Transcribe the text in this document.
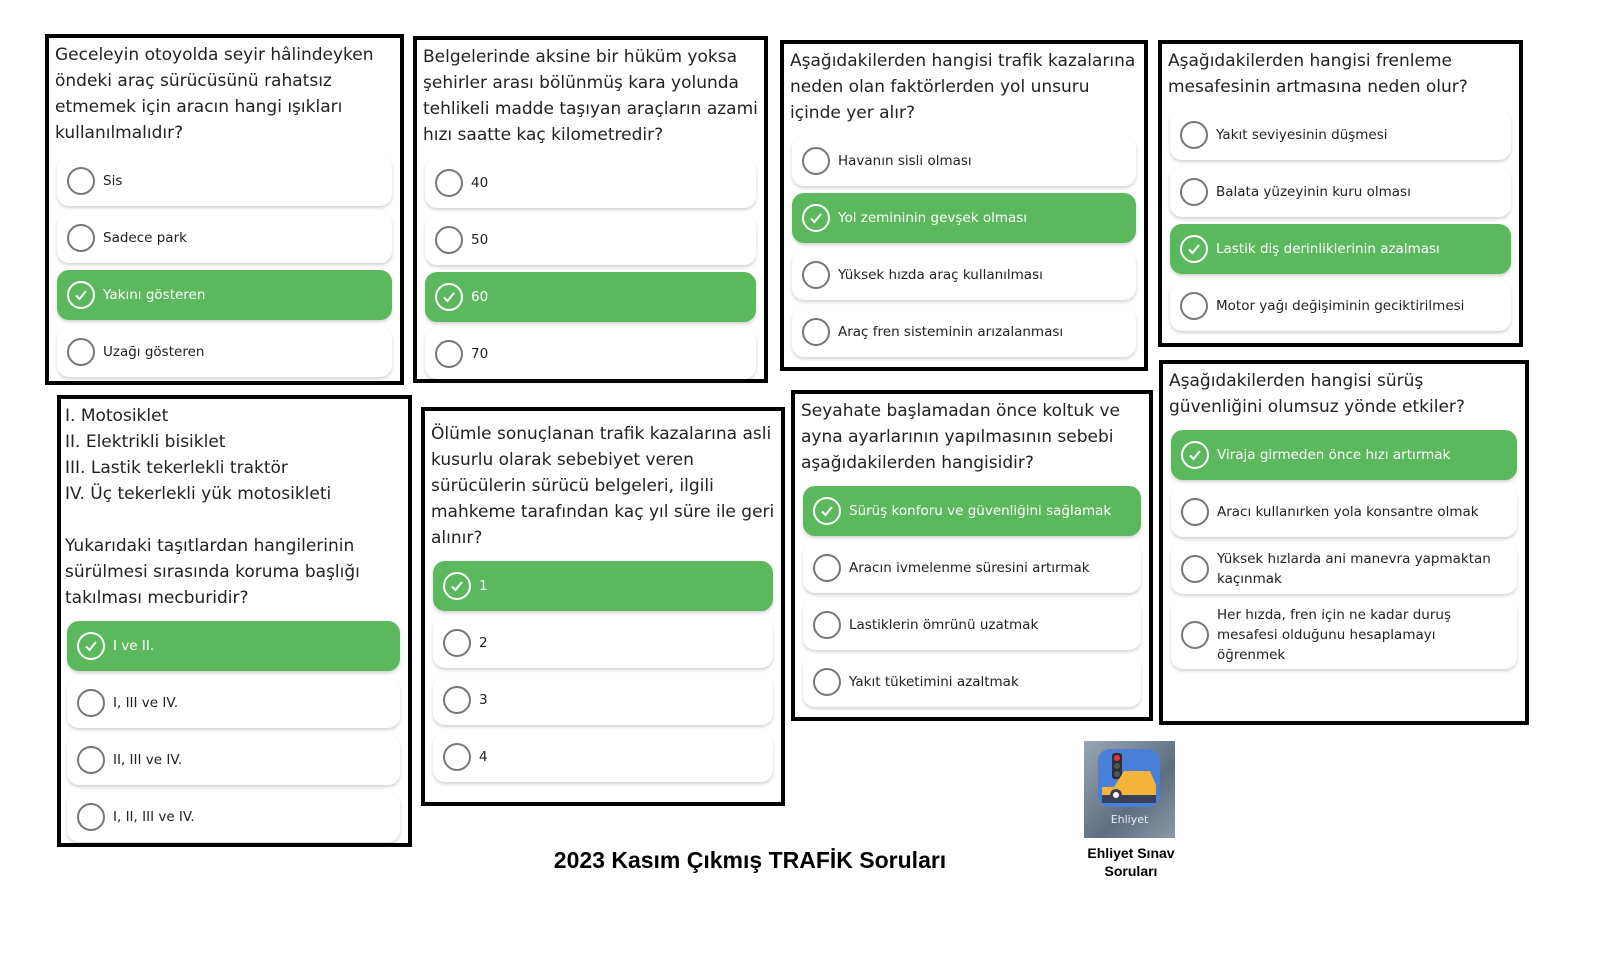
Geceleyin otoyolda seyir hâlindeyken
öndeki araç sürücüsünü rahatsız
etmemek için aracın hangi ışıkları
kullanılmalıdır?
Sis
Sadece park
Yakını gösteren
Uzağı gösteren
Belgelerinde aksine bir hüküm yoksa
şehirler arası bölünmüş kara yolunda
tehlikeli madde taşıyan araçların azami
hızı saatte kaç kilometredir?
40
50
60
70
Aşağıdakilerden hangisi trafik kazalarına
neden olan faktörlerden yol unsuru
içinde yer alır?
Havanın sisli olması
Yol zemininin gevşek olması
Yüksek hızda araç kullanılması
Araç fren sisteminin arızalanması
Aşağıdakilerden hangisi frenleme
mesafesinin artmasına neden olur?
Yakıt seviyesinin düşmesi
Balata yüzeyinin kuru olması
Lastik diş derinliklerinin azalması
Motor yağı değişiminin geciktirilmesi
I. Motosiklet
II. Elektrikli bisiklet
III. Lastik tekerlekli traktör
IV. Üç tekerlekli yük motosikleti

Yukarıdaki taşıtlardan hangilerinin
sürülmesi sırasında koruma başlığı
takılması mecburidir?
I ve II.
I, III ve IV.
II, III ve IV.
I, II, III ve IV.
Ölümle sonuçlanan trafik kazalarına asli
kusurlu olarak sebebiyet veren
sürücülerin sürücü belgeleri, ilgili
mahkeme tarafından kaç yıl süre ile geri
alınır?
1
2
3
4
Seyahate başlamadan önce koltuk ve
ayna ayarlarının yapılmasının sebebi
aşağıdakilerden hangisidir?
Sürüş konforu ve güvenliğini sağlamak
Aracın ivmelenme süresini artırmak
Lastiklerin ömrünü uzatmak
Yakıt tüketimini azaltmak
Aşağıdakilerden hangisi sürüş
güvenliğini olumsuz yönde etkiler?
Viraja girmeden önce hızı artırmak
Aracı kullanırken yola konsantre olmak
Yüksek hızlarda ani manevra yapmaktan kaçınmak
Her hızda, fren için ne kadar duruş mesafesi olduğunu hesaplamayı öğrenmek
2023 Kasım Çıkmış TRAFİK Soruları
Ehliyet
Ehliyet Sınav Soruları
